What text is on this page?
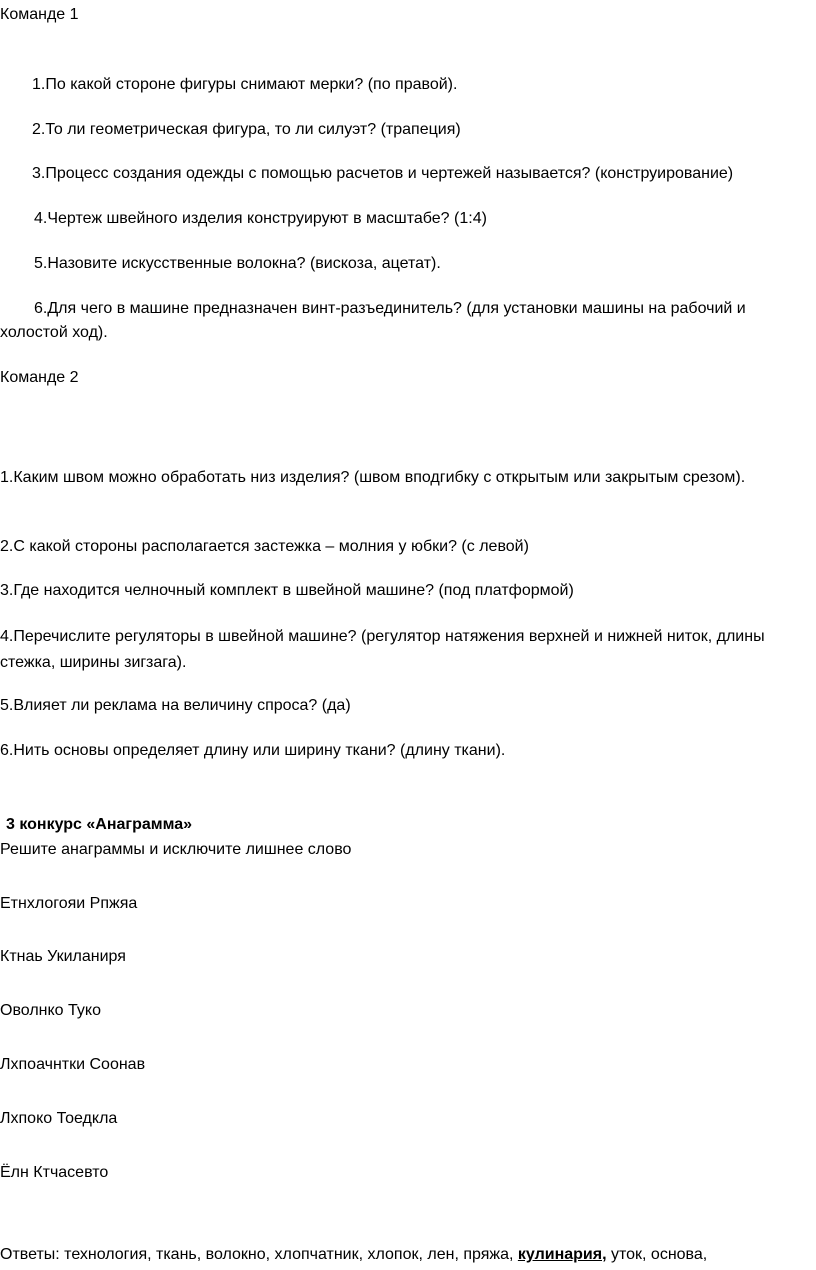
Команде 1
1.По какой стороне фигуры снимают мерки? (по правой).
2.То ли геометрическая фигура, то ли силуэт? (трапеция)
3.Процесс создания одежды с помощью расчетов и чертежей называется? (конструирование)
4.Чертеж швейного изделия конструируют в масштабе? (1:4)
5.Назовите искусственные волокна? (вискоза, ацетат).
6.Для чего в машине предназначен винт-разъединитель? (для установки машины на рабочий и холостой ход).
Команде 2
1.Каким швом можно обработать низ изделия? (швом вподгибку с открытым или закрытым срезом).
2.С какой стороны располагается застежка – молния у юбки? (с левой)
3.Где находится челночный комплект в швейной машине? (под платформой)
4.Перечислите регуляторы в швейной машине? (регулятор натяжения верхней и нижней ниток, длины стежка, ширины зигзага).
5.Влияет ли реклама на величину спроса? (да)
6.Нить основы определяет длину или ширину ткани? (длину ткани).
3 конкурс «Анаграмма»
Решите анаграммы и исключите лишнее слово
Етнхлогояи Рпжяа
Ктнаь Укиланиря
Оволнко Туко
Лхпоачнтки Соонав
Лхпоко Тоедкла
Ёлн Ктчасевто
Ответы: технология, ткань, волокно, хлопчатник, хлопок, лен, пряжа, кулинария, уток, основа,
